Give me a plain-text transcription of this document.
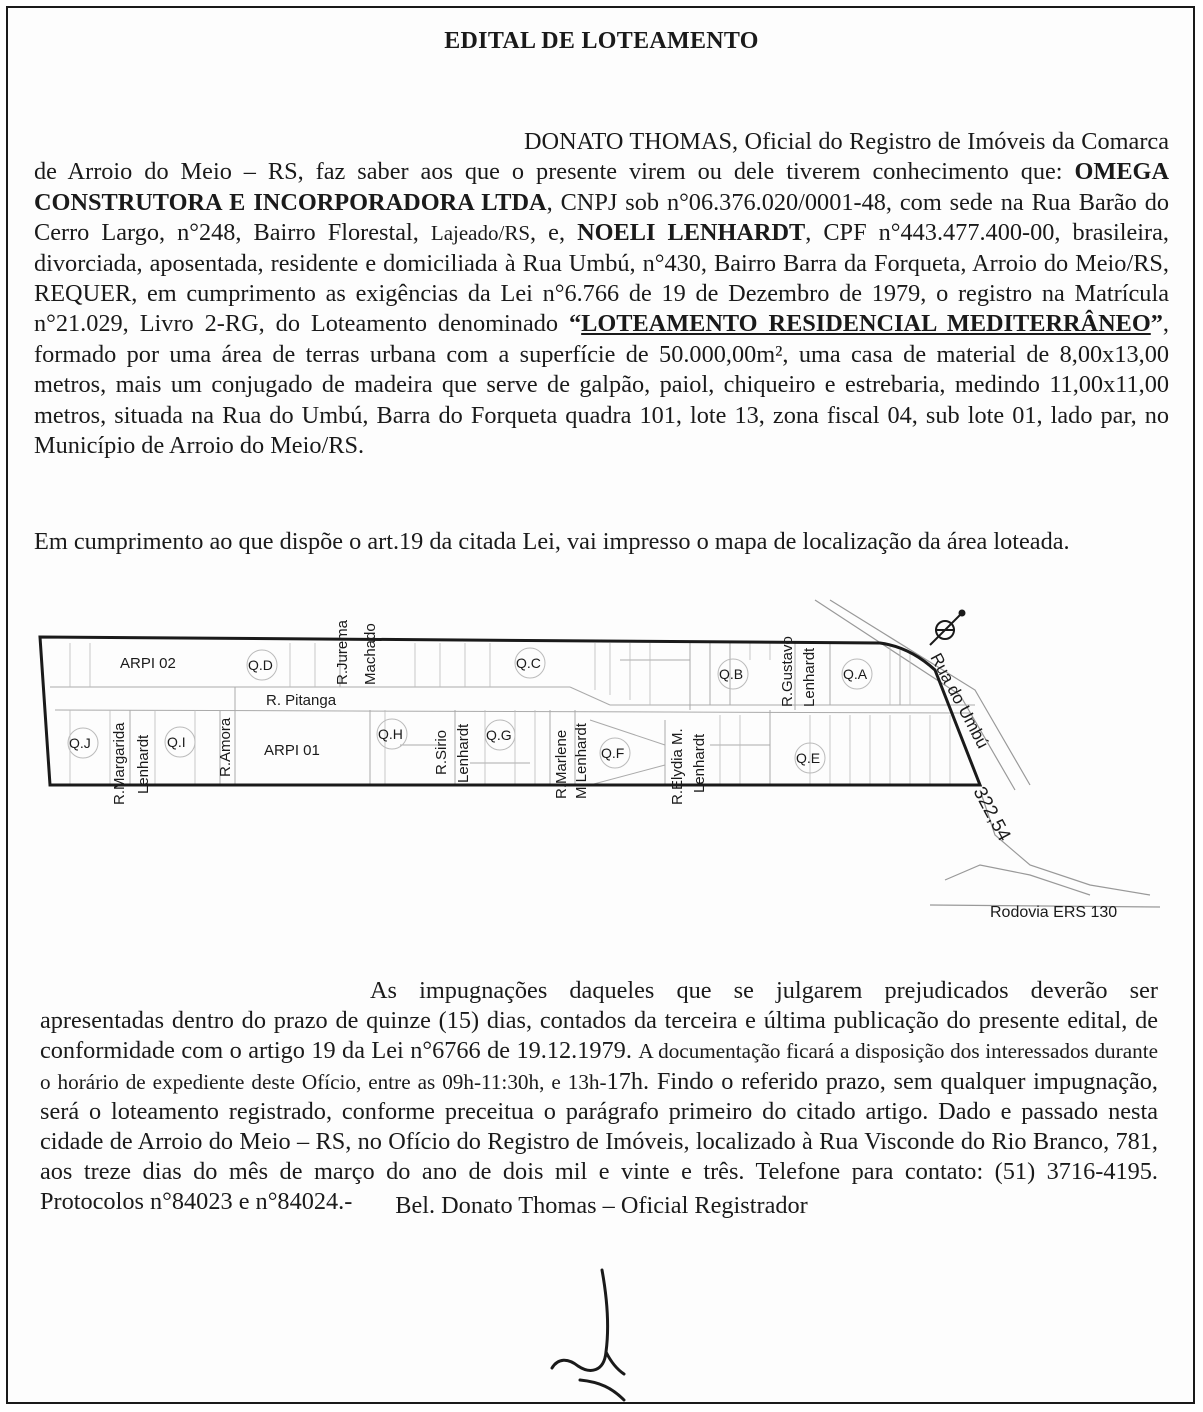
EDITAL DE LOTEAMENTO
DONATO THOMAS, Oficial do Registro de Imóveis da Comarca de Arroio do Meio – RS, faz saber aos que o presente virem ou dele tiverem conhecimento que: OMEGA CONSTRUTORA E INCORPORADORA LTDA, CNPJ sob n°06.376.020/0001-48, com sede na Rua Barão do Cerro Largo, n°248, Bairro Florestal, Lajeado/RS, e, NOELI LENHARDT, CPF n°443.477.400-00, brasileira, divorciada, aposentada, residente e domiciliada à Rua Umbú, n°430, Bairro Barra da Forqueta, Arroio do Meio/RS, REQUER, em cumprimento as exigências da Lei n°6.766 de 19 de Dezembro de 1979, o registro na Matrícula n°21.029, Livro 2-RG, do Loteamento denominado “LOTEAMENTO RESIDENCIAL MEDITERRÂNEO”, formado por uma área de terras urbana com a superfície de 50.000,00m², uma casa de material de 8,00x13,00 metros, mais um conjugado de madeira que serve de galpão, paiol, chiqueiro e estrebaria, medindo 11,00x11,00 metros, situada na Rua do Umbú, Barra do Forqueta quadra 101, lote 13, zona fiscal 04, sub lote 01, lado par, no Município de Arroio do Meio/RS.
Em cumprimento ao que dispõe o art.19 da citada Lei, vai impresso o mapa de localização da área loteada.
ARPI 02
ARPI 01
Q.A
Q.B
Q.C
Q.D
Q.E
Q.F
Q.G
Q.H
Q.I
Q.J
R. Pitanga
R.Jurema Machado	R.Gustavo Lenhardt
R.Margarida Lenhardt	R.Amora	R.Sirio Lenhardt	R.Marlene M.Lenhardt	R.Elydia M. Lenhardt
Rua do Umbú
322,54
Rodovia ERS 130
As impugnações daqueles que se julgarem prejudicados deverão ser apresentadas dentro do prazo de quinze (15) dias, contados da terceira e última publicação do presente edital, de conformidade com o artigo 19 da Lei n°6766 de 19.12.1979. A documentação ficará a disposição dos interessados durante o horário de expediente deste Ofício, entre as 09h-11:30h, e 13h-17h. Findo o referido prazo, sem qualquer impugnação, será o loteamento registrado, conforme preceitua o parágrafo primeiro do citado artigo. Dado e passado nesta cidade de Arroio do Meio – RS, no Ofício do Registro de Imóveis, localizado à Rua Visconde do Rio Branco, 781, aos treze dias do mês de março do ano de dois mil e vinte e três. Telefone para contato: (51) 3716-4195. Protocolos n°84023 e n°84024.-	Bel. Donato Thomas – Oficial Registrador
